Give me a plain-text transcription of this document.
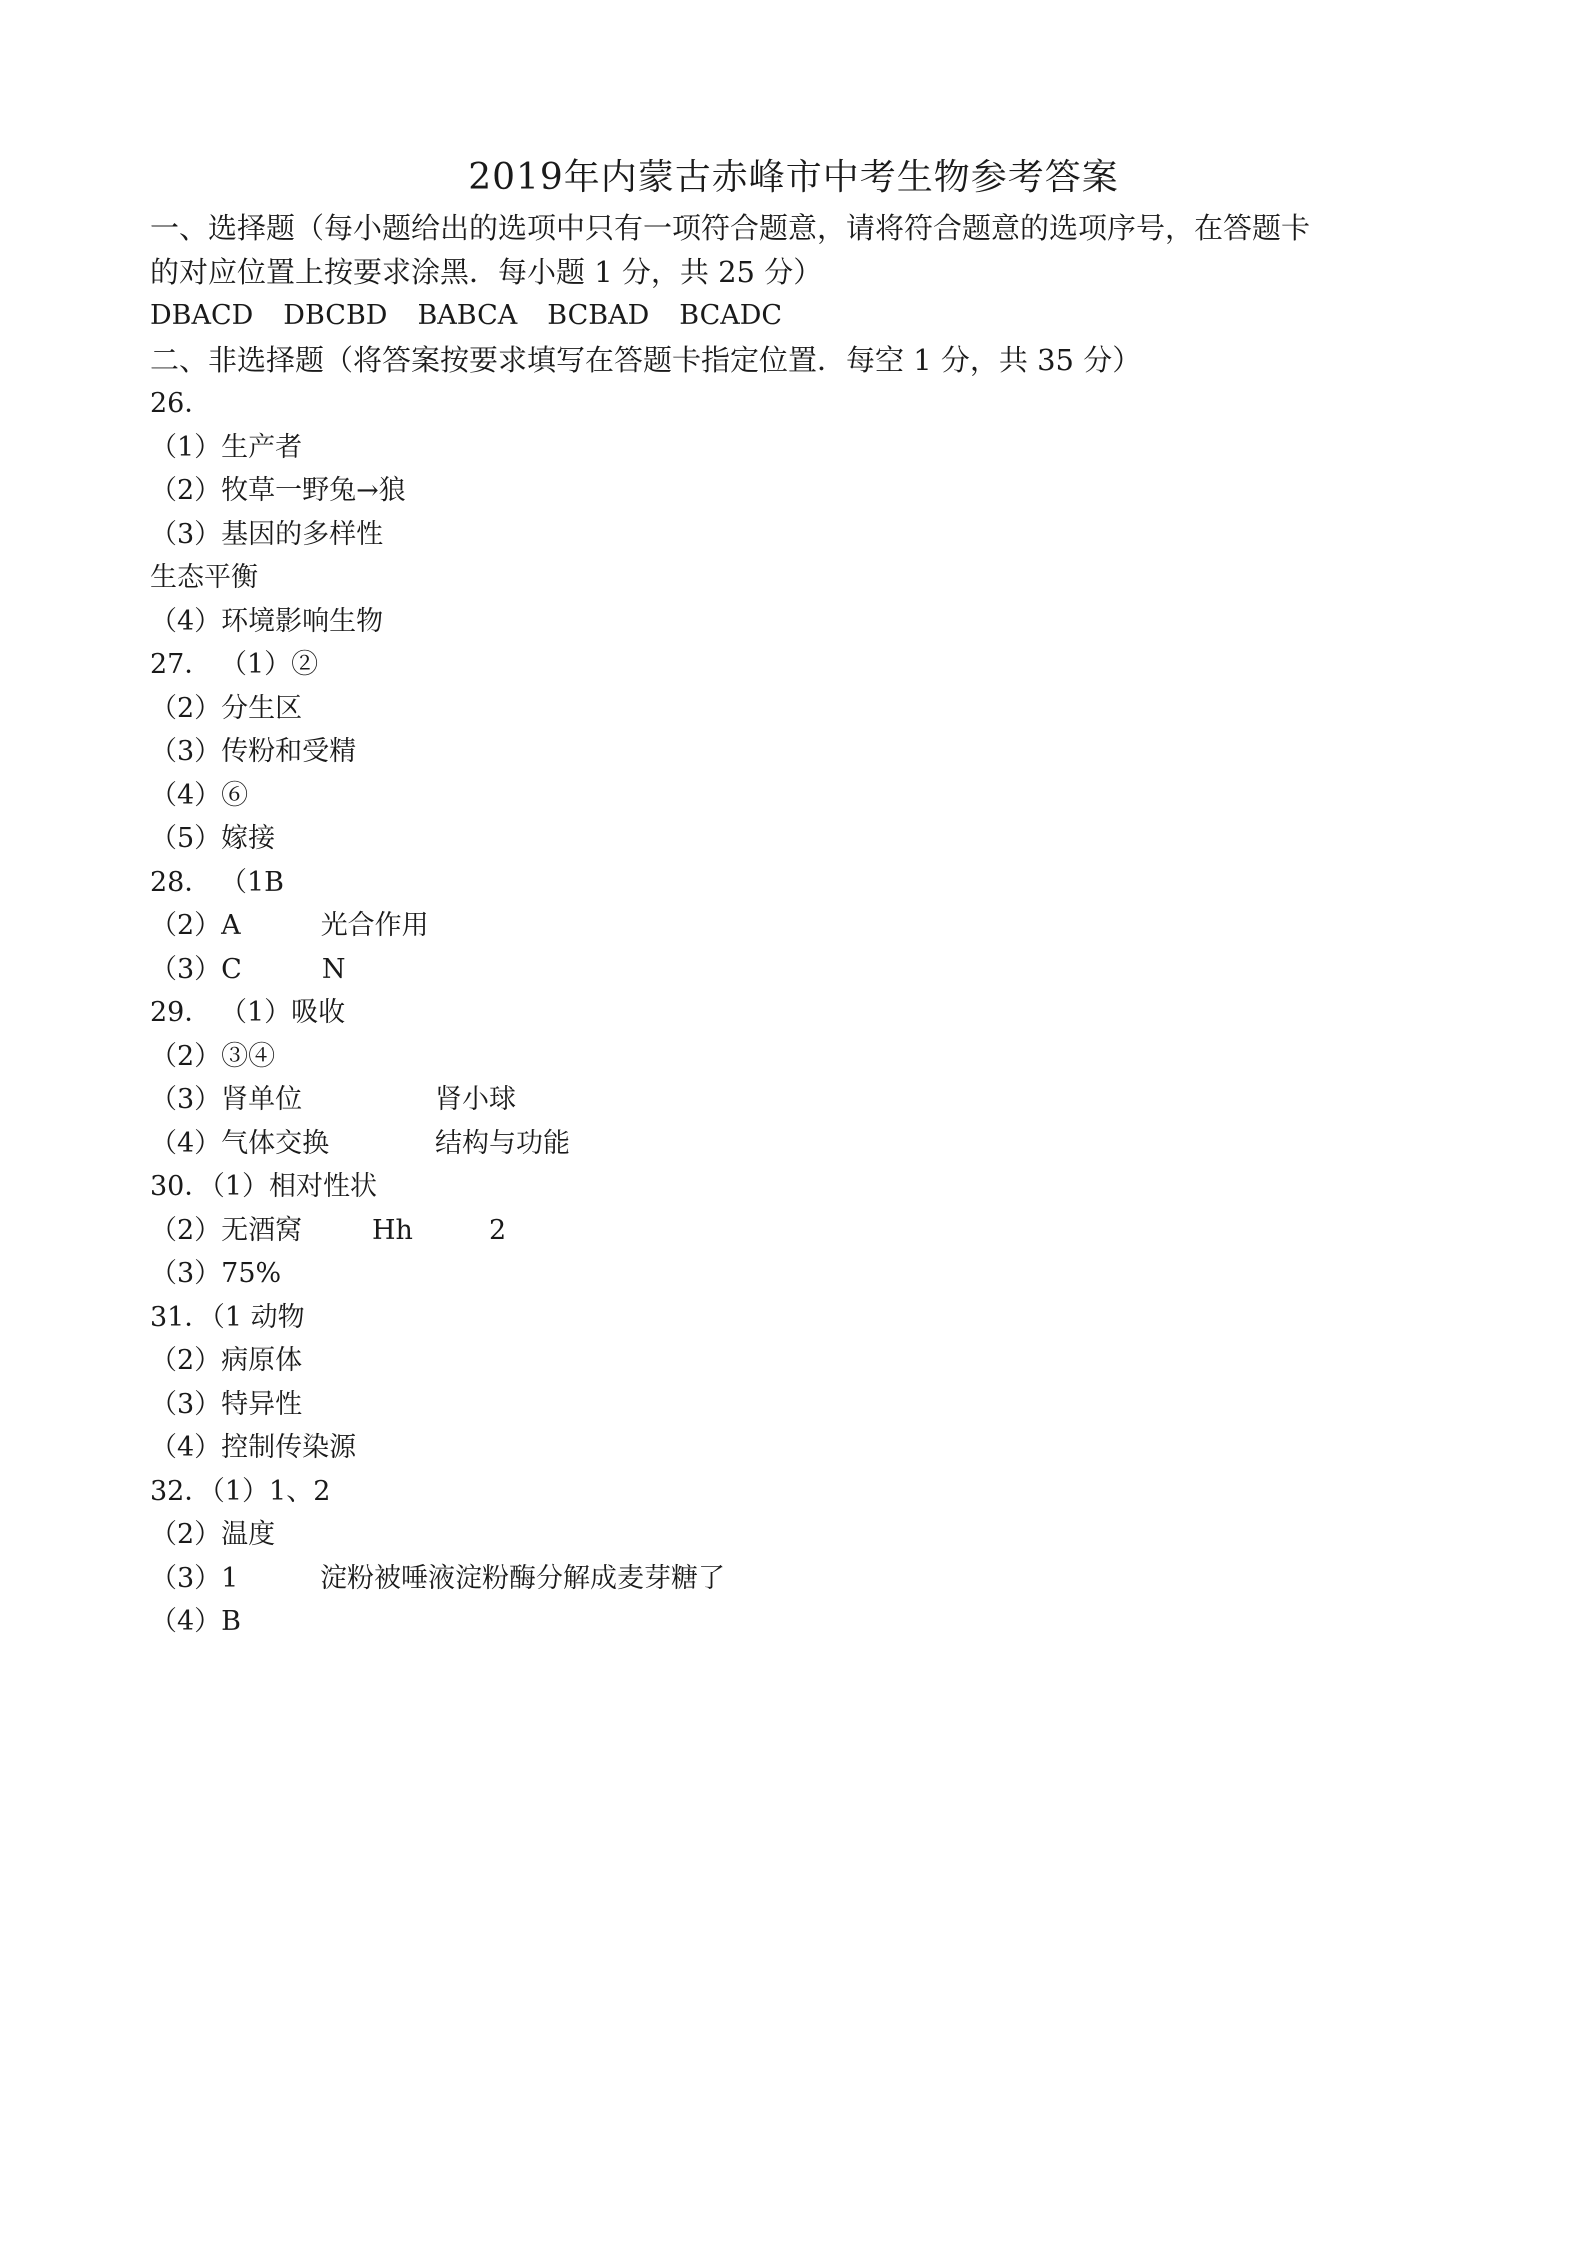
2019年内蒙古赤峰市中考生物参考答案
一、选择题（每小题给出的选项中只有一项符合题意，请将符合题意的选项序号，在答题卡
的对应位置上按要求涂黑．每小题 1 分，共 25 分）
DBACD DBCBD BABCA BCBAD BCADC
二、非选择题（将答案按要求填写在答题卡指定位置．每空 1 分，共 35 分）
26．
（1）生产者
（2）牧草一野兔→狼
（3）基因的多样性
生态平衡
（4）环境影响生物
27． （1）②
（2）分生区
（3）传粉和受精
（4）⑥
（5）嫁接
28． （1B
（2）A	光合作用
（3）C	N
29． （1）吸收
（2）③④
（3）肾单位	肾小球
（4）气体交换	结构与功能
30．（1）相对性状
（2）无酒窝	Hh	2
（3）75%
31．（1 动物
（2）病原体
（3）特异性
（4）控制传染源
32．（1）1、2
（2）温度
（3）1	淀粉被唾液淀粉酶分解成麦芽糖了
（4）B
